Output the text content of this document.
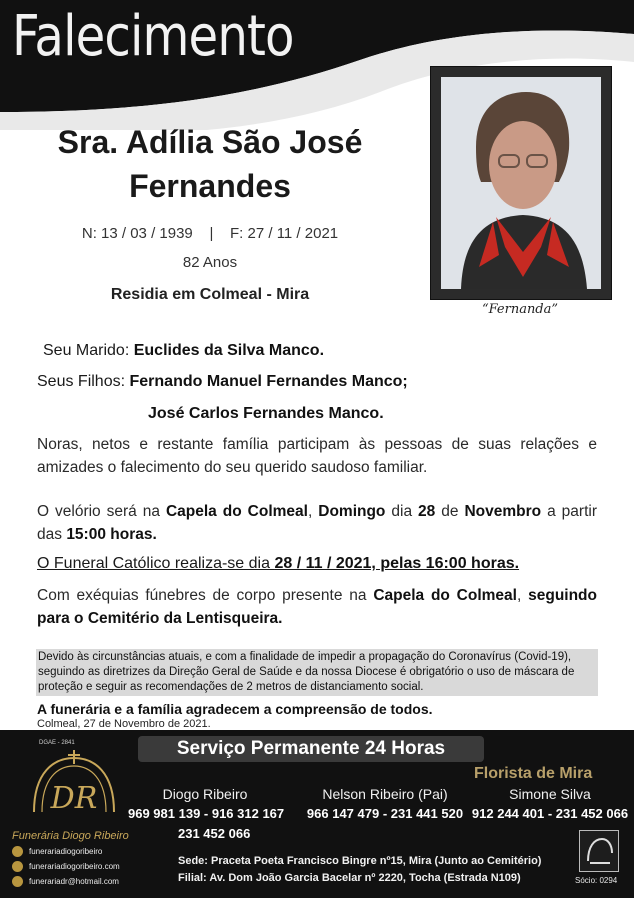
Falecimento
“Fernanda”
Sra. Adília São José
Fernandes
N: 13 / 03 / 1939    |    F: 27 / 11 / 2021
82 Anos
Residia em Colmeal - Mira
Seu Marido: Euclides da Silva Manco.
Seus Filhos: Fernando Manuel Fernandes Manco;
José Carlos Fernandes Manco.
Noras, netos e restante família participam às pessoas de suas relações e amizades o falecimento do seu querido saudoso familiar.
O velório será na Capela do Colmeal, Domingo dia 28 de Novembro a partir das 15:00 horas.
O Funeral Católico realiza-se dia 28 / 11 / 2021, pelas 16:00 horas.
Com exéquias fúnebres de corpo presente na Capela do Colmeal, seguindo para o Cemitério da Lentisqueira.
Devido às circunstâncias atuais, e com a finalidade de impedir a propagação do Coronavírus (Covid-19), seguindo as diretrizes da Direção Geral de Saúde e da nossa Diocese é obrigatório o uso de máscara de proteção e seguir as recomendações de 2 metros de distanciamento social.
A funerária e a família agradecem a compreensão de todos.
Colmeal, 27 de Novembro de 2021.
DGAE - 2841	Serviço Permanente 24 Horas
DR
Funerária Diogo Ribeiro
funerariadiogoribeiro
funerariadiogoribeiro.com
funerariadr@hotmail.com
Florista de Mira
Diogo Ribeiro
969 981 139 - 916 312 167
231 452 066
Nelson Ribeiro (Pai)
966 147 479 - 231 441 520
Simone Silva
912 244 401 - 231 452 066
Sede: Praceta Poeta Francisco Bingre nº15, Mira (Junto ao Cemitério)
Filial: Av. Dom João Garcia Bacelar nº 2220, Tocha (Estrada N109)	Sócio: 0294
